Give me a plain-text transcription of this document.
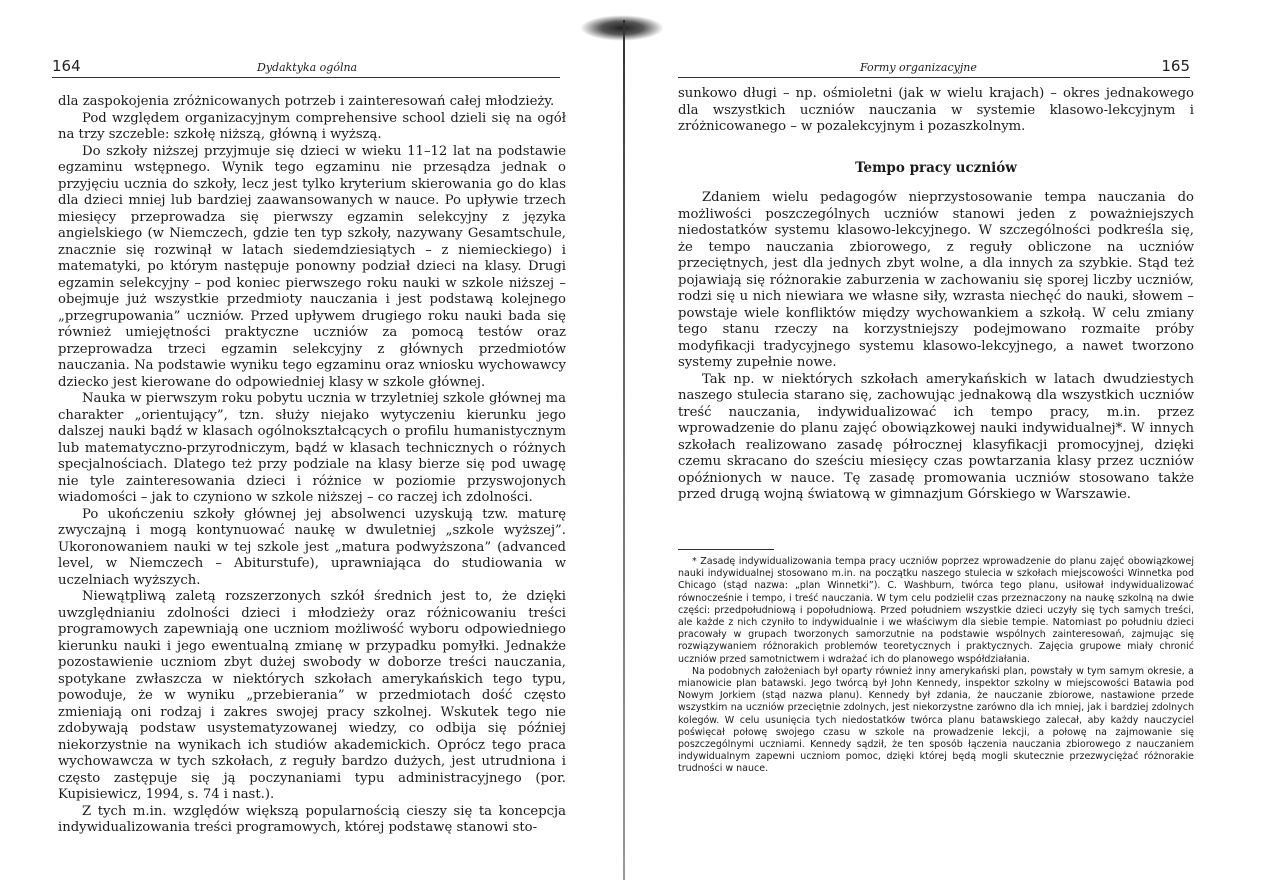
164	Dydaktyka ogólna

dla zaspokojenia zróżnicowanych potrzeb i zainteresowań całej młodzieży.

Pod względem organizacyjnym comprehensive school dzieli się na ogół na trzy szczeble: szkołę niższą, główną i wyższą.

Do szkoły niższej przyjmuje się dzieci w wieku 11–12 lat na podstawie egzaminu wstępnego. Wynik tego egzaminu nie przesądza jednak o przyjęciu ucznia do szkoły, lecz jest tylko kryterium skierowania go do klas dla dzieci mniej lub bardziej zaawansowanych w nauce. Po upływie trzech miesięcy przeprowadza się pierwszy egzamin selekcyjny z języka angielskiego (w Niemczech, gdzie ten typ szkoły, nazywany Gesamtschule, znacznie się rozwinął w latach siedemdziesiątych – z niemieckiego) i matematyki, po którym następuje ponowny podział dzieci na klasy. Drugi egzamin selekcyjny – pod koniec pierwszego roku nauki w szkole niższej – obejmuje już wszystkie przedmioty nauczania i jest podstawą kolejnego „przegrupowania” uczniów. Przed upływem drugiego roku nauki bada się również umiejętności praktyczne uczniów za pomocą testów oraz przeprowadza trzeci egzamin selekcyjny z głównych przedmiotów nauczania. Na podstawie wyniku tego egzaminu oraz wniosku wychowawcy dziecko jest kierowane do odpowiedniej klasy w szkole głównej.

Nauka w pierwszym roku pobytu ucznia w trzyletniej szkole głównej ma charakter „orientujący”, tzn. służy niejako wytyczeniu kierunku jego dalszej nauki bądź w klasach ogólnokształcących o profilu humanistycznym lub matematyczno-przyrodniczym, bądź w klasach technicznych o różnych specjalnościach. Dlatego też przy podziale na klasy bierze się pod uwagę nie tyle zainteresowania dzieci i różnice w poziomie przyswojonych wiadomości – jak to czyniono w szkole niższej – co raczej ich zdolności.

Po ukończeniu szkoły głównej jej absolwenci uzyskują tzw. maturę zwyczajną i mogą kontynuować naukę w dwuletniej „szkole wyższej”. Ukoronowaniem nauki w tej szkole jest „matura podwyższona” (advanced level, w Niemczech – Abiturstufe), uprawniająca do studiowania w uczelniach wyższych.

Niewątpliwą zaletą rozszerzonych szkół średnich jest to, że dzięki uwzględnianiu zdolności dzieci i młodzieży oraz różnicowaniu treści programowych zapewniają one uczniom możliwość wyboru odpowiedniego kierunku nauki i jego ewentualną zmianę w przypadku pomyłki. Jednakże pozostawienie uczniom zbyt dużej swobody w doborze treści nauczania, spotykane zwłaszcza w niektórych szkołach amerykańskich tego typu, powoduje, że w wyniku „przebierania” w przedmiotach dość często zmieniają oni rodzaj i zakres swojej pracy szkolnej. Wskutek tego nie zdobywają podstaw usystematyzowanej wiedzy, co odbija się później niekorzystnie na wynikach ich studiów akademickich. Oprócz tego praca wychowawcza w tych szkołach, z reguły bardzo dużych, jest utrudniona i często zastępuje się ją poczynaniami typu administracyjnego (por. Kupisiewicz, 1994, s. 74 i nast.).

Z tych m.in. względów większą popularnością cieszy się ta koncepcja indywidualizowania treści programowych, której podstawę stanowi sto-

Formy organizacyjne	165

sunkowo długi – np. ośmioletni (jak w wielu krajach) – okres jednakowego dla wszystkich uczniów nauczania w systemie klasowo-lekcyjnym i zróżnicowanego – w pozalekcyjnym i pozaszkolnym.

Tempo pracy uczniów

Zdaniem wielu pedagogów nieprzystosowanie tempa nauczania do możliwości poszczególnych uczniów stanowi jeden z poważniejszych niedostatków systemu klasowo-lekcyjnego. W szczególności podkreśla się, że tempo nauczania zbiorowego, z reguły obliczone na uczniów przeciętnych, jest dla jednych zbyt wolne, a dla innych za szybkie. Stąd też pojawiają się różnorakie zaburzenia w zachowaniu się sporej liczby uczniów, rodzi się u nich niewiara we własne siły, wzrasta niechęć do nauki, słowem – powstaje wiele konfliktów między wychowankiem a szkołą. W celu zmiany tego stanu rzeczy na korzystniejszy podejmowano rozmaite próby modyfikacji tradycyjnego systemu klasowo-lekcyjnego, a nawet tworzono systemy zupełnie nowe.

Tak np. w niektórych szkołach amerykańskich w latach dwudziestych naszego stulecia starano się, zachowując jednakową dla wszystkich uczniów treść nauczania, indywidualizować ich tempo pracy, m.in. przez wprowadzenie do planu zajęć obowiązkowej nauki indywidualnej*. W innych szkołach realizowano zasadę półrocznej klasyfikacji promocyjnej, dzięki czemu skracano do sześciu miesięcy czas powtarzania klasy przez uczniów opóźnionych w nauce. Tę zasadę promowania uczniów stosowano także przed drugą wojną światową w gimnazjum Górskiego w Warszawie.

* Zasadę indywidualizowania tempa pracy uczniów poprzez wprowadzenie do planu zajęć obowiązkowej nauki indywidualnej stosowano m.in. na początku naszego stulecia w szkołach miejscowości Winnetka pod Chicago (stąd nazwa: „plan Winnetki”). C. Washburn, twórca tego planu, usiłował indywidualizować równocześnie i tempo, i treść nauczania. W tym celu podzielił czas przeznaczony na naukę szkolną na dwie części: przedpołudniową i popołudniową. Przed południem wszystkie dzieci uczyły się tych samych treści, ale każde z nich czyniło to indywidualnie i we właściwym dla siebie tempie. Natomiast po południu dzieci pracowały w grupach tworzonych samorzutnie na podstawie wspólnych zainteresowań, zajmując się rozwiązywaniem różnorakich problemów teoretycznych i praktycznych. Zajęcia grupowe miały chronić uczniów przed samotnictwem i wdrażać ich do planowego współdziałania.

Na podobnych założeniach był oparty również inny amerykański plan, powstały w tym samym okresie, a mianowicie plan batawski. Jego twórcą był John Kennedy, inspektor szkolny w miejscowości Batawia pod Nowym Jorkiem (stąd nazwa planu). Kennedy był zdania, że nauczanie zbiorowe, nastawione przede wszystkim na uczniów przeciętnie zdolnych, jest niekorzystne zarówno dla ich mniej, jak i bardziej zdolnych kolegów. W celu usunięcia tych niedostatków twórca planu batawskiego zalecał, aby każdy nauczyciel poświęcał połowę swojego czasu w szkole na prowadzenie lekcji, a połowę na zajmowanie się poszczególnymi uczniami. Kennedy sądził, że ten sposób łączenia nauczania zbiorowego z nauczaniem indywidualnym zapewni uczniom pomoc, dzięki której będą mogli skutecznie przezwyciężać różnorakie trudności w nauce.
